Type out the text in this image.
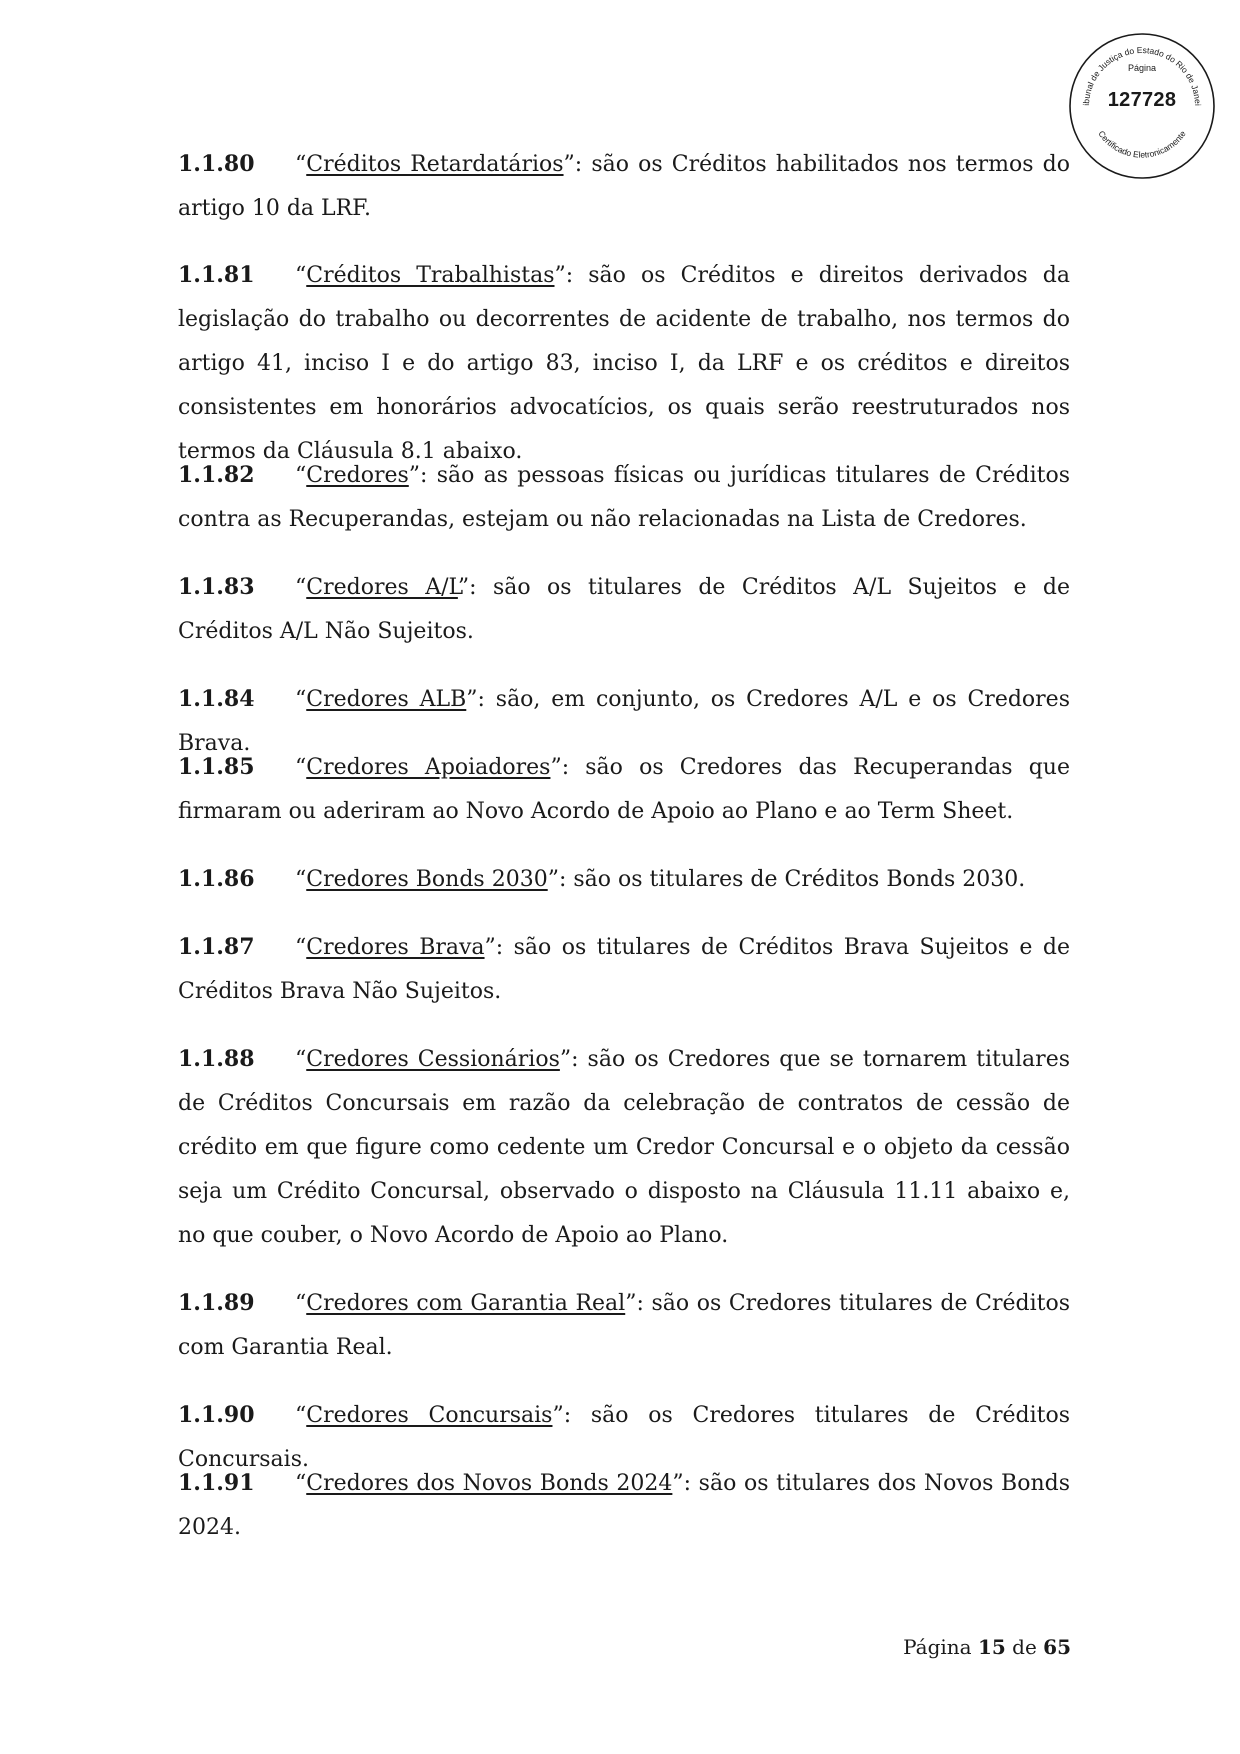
ibunal de Justiça do Estado do Rio de Janei
Certificado Eletronicamente
Página
127728

1.1.80 “Créditos Retardatários”: são os Créditos habilitados nos termos do artigo 10 da LRF.

1.1.81 “Créditos Trabalhistas”: são os Créditos e direitos derivados da legislação do trabalho ou decorrentes de acidente de trabalho, nos termos do artigo 41, inciso I e do artigo 83, inciso I, da LRF e os créditos e direitos consistentes em honorários advocatícios, os quais serão reestruturados nos termos da Cláusula 8.1 abaixo.

1.1.82 “Credores”: são as pessoas físicas ou jurídicas titulares de Créditos contra as Recuperandas, estejam ou não relacionadas na Lista de Credores.

1.1.83 “Credores A/L”: são os titulares de Créditos A/L Sujeitos e de Créditos A/L Não Sujeitos.

1.1.84 “Credores ALB”: são, em conjunto, os Credores A/L e os Credores Brava.

1.1.85 “Credores Apoiadores”: são os Credores das Recuperandas que firmaram ou aderiram ao Novo Acordo de Apoio ao Plano e ao Term Sheet.

1.1.86 “Credores Bonds 2030”: são os titulares de Créditos Bonds 2030.

1.1.87 “Credores Brava”: são os titulares de Créditos Brava Sujeitos e de Créditos Brava Não Sujeitos.

1.1.88 “Credores Cessionários”: são os Credores que se tornarem titulares de Créditos Concursais em razão da celebração de contratos de cessão de crédito em que figure como cedente um Credor Concursal e o objeto da cessão seja um Crédito Concursal, observado o disposto na Cláusula 11.11 abaixo e, no que couber, o Novo Acordo de Apoio ao Plano.

1.1.89 “Credores com Garantia Real”: são os Credores titulares de Créditos com Garantia Real.

1.1.90 “Credores Concursais”: são os Credores titulares de Créditos Concursais.

1.1.91 “Credores dos Novos Bonds 2024”: são os titulares dos Novos Bonds 2024.

Página 15 de 65
